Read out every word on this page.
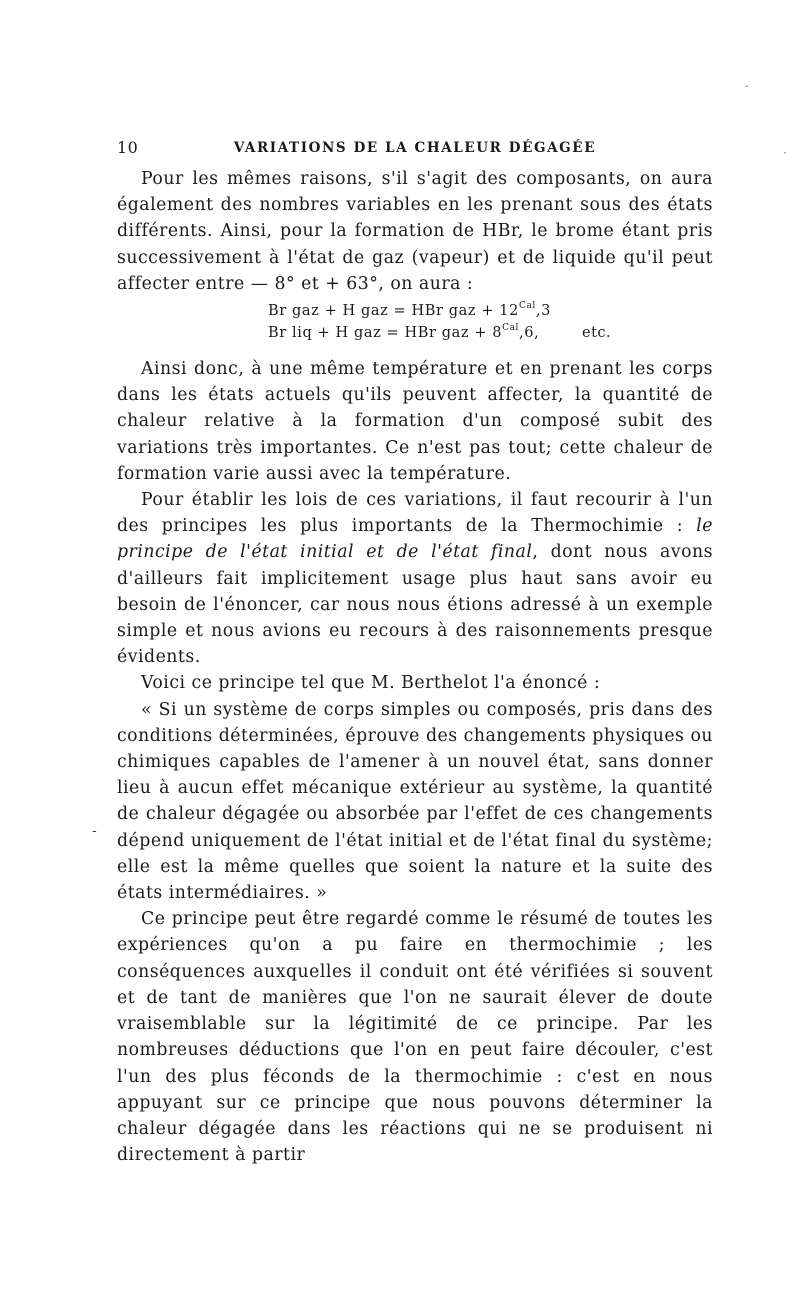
10	VARIATIONS DE LA CHALEUR DÉGAGÉE
-
·
-

Pour les mêmes raisons, s'il s'agit des composants, on aura également des nombres variables en les prenant sous des états différents. Ainsi, pour la formation de HBr, le brome étant pris successivement à l'état de gaz (vapeur) et de liquide qu'il peut affecter entre — 8° et + 63°, on aura :

Br gaz + H gaz = HBr gaz + $12^{Cal},3$
Br liq + H gaz = HBr gaz + $8^{Cal},6$,	etc.

Ainsi donc, à une même température et en prenant les corps dans les états actuels qu'ils peuvent affecter, la quantité de chaleur relative à la formation d'un composé subit des variations très importantes. Ce n'est pas tout; cette chaleur de formation varie aussi avec la température.

Pour établir les lois de ces variations, il faut recourir à l'un des principes les plus importants de la Thermochimie : le principe de l'état initial et de l'état final, dont nous avons d'ailleurs fait implicitement usage plus haut sans avoir eu besoin de l'énoncer, car nous nous étions adressé à un exemple simple et nous avions eu recours à des raisonnements presque évidents.

Voici ce principe tel que M. Berthelot l'a énoncé :

« Si un système de corps simples ou composés, pris dans des conditions déterminées, éprouve des changements physiques ou chimiques capables de l'amener à un nouvel état, sans donner lieu à aucun effet mécanique extérieur au système, la quantité de chaleur dégagée ou absorbée par l'effet de ces changements dépend uniquement de l'état initial et de l'état final du système; elle est la même quelles que soient la nature et la suite des états intermédiaires. »

Ce principe peut être regardé comme le résumé de toutes les expériences qu'on a pu faire en thermochimie ; les conséquences auxquelles il conduit ont été vérifiées si souvent et de tant de manières que l'on ne saurait élever de doute vraisemblable sur la légitimité de ce principe. Par les nombreuses déductions que l'on en peut faire découler, c'est l'un des plus féconds de la thermochimie : c'est en nous appuyant sur ce principe que nous pouvons déterminer la chaleur dégagée dans les réactions qui ne se produisent ni directement à partir
